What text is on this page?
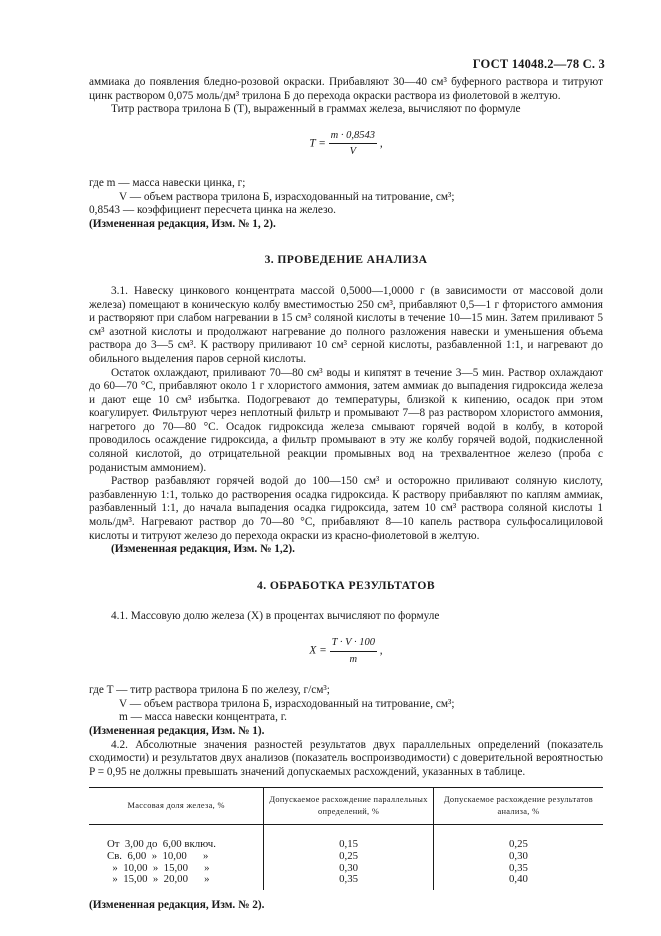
ГОСТ 14048.2—78 С. 3

аммиака до появления бледно-розовой окраски. Прибавляют 30—40 см³ буферного раствора и титруют цинк раствором 0,075 моль/дм³ трилона Б до перехода окраски раствора из фиолетовой в желтую.

Титр раствора трилона Б (T), выраженный в граммах железа, вычисляют по формуле

$T = \frac{m \cdot 0,8543}{V}$ ,

где m — масса навески цинка, г;

V — объем раствора трилона Б, израсходованный на титрование, см³;

0,8543 — коэффициент пересчета цинка на железо.

(Измененная редакция, Изм. № 1, 2).

3. ПРОВЕДЕНИЕ АНАЛИЗА

3.1. Навеску цинкового концентрата массой 0,5000—1,0000 г (в зависимости от массовой доли железа) помещают в коническую колбу вместимостью 250 см³, прибавляют 0,5—1 г фтористого аммония и растворяют при слабом нагревании в 15 см³ соляной кислоты в течение 10—15 мин. Затем приливают 5 см³ азотной кислоты и продолжают нагревание до полного разложения навески и уменьшения объема раствора до 3—5 см³. К раствору приливают 10 см³ серной кислоты, разбавленной 1:1, и нагревают до обильного выделения паров серной кислоты.

Остаток охлаждают, приливают 70—80 см³ воды и кипятят в течение 3—5 мин. Раствор охлаждают до 60—70 °С, прибавляют около 1 г хлористого аммония, затем аммиак до выпадения гидроксида железа и дают еще 10 см³ избытка. Подогревают до температуры, близкой к кипению, осадок при этом коагулирует. Фильтруют через неплотный фильтр и промывают 7—8 раз раствором хлористого аммония, нагретого до 70—80 °С. Осадок гидроксида железа смывают горячей водой в колбу, в которой проводилось осаждение гидроксида, а фильтр промывают в эту же колбу горячей водой, подкисленной соляной кислотой, до отрицательной реакции промывных вод на трехвалентное железо (проба с роданистым аммонием).

Раствор разбавляют горячей водой до 100—150 см³ и осторожно приливают соляную кислоту, разбавленную 1:1, только до растворения осадка гидроксида. К раствору прибавляют по каплям аммиак, разбавленный 1:1, до начала выпадения осадка гидроксида, затем 10 см³ раствора соляной кислоты 1 моль/дм³. Нагревают раствор до 70—80 °С, прибавляют 8—10 капель раствора сульфосалициловой кислоты и титруют железо до перехода окраски из красно-фиолетовой в желтую.

(Измененная редакция, Изм. № 1,2).

4. ОБРАБОТКА РЕЗУЛЬТАТОВ

4.1. Массовую долю железа (X) в процентах вычисляют по формуле

$X = \frac{T \cdot V \cdot 100}{m}$ ,

где T — титр раствора трилона Б по железу, г/см³;

V — объем раствора трилона Б, израсходованный на титрование, см³;

m — масса навески концентрата, г.

(Измененная редакция, Изм. № 1).

4.2. Абсолютные значения разностей результатов двух параллельных определений (показатель сходимости) и результатов двух анализов (показатель воспроизводимости) с доверительной вероятностью P = 0,95 не должны превышать значений допускаемых расхождений, указанных в таблице.

Массовая доля железа, %	Допускаемое расхождение параллельных определений, %	Допускаемое расхождение результатов анализа, %
От  3,00 до  6,00 включ.	0,15	0,25
Св.  6,00  »  10,00      »	0,25	0,30
»  10,00  »  15,00      »	0,30	0,35
»  15,00  »  20,00      »	0,35	0,40

(Измененная редакция, Изм. № 2).
